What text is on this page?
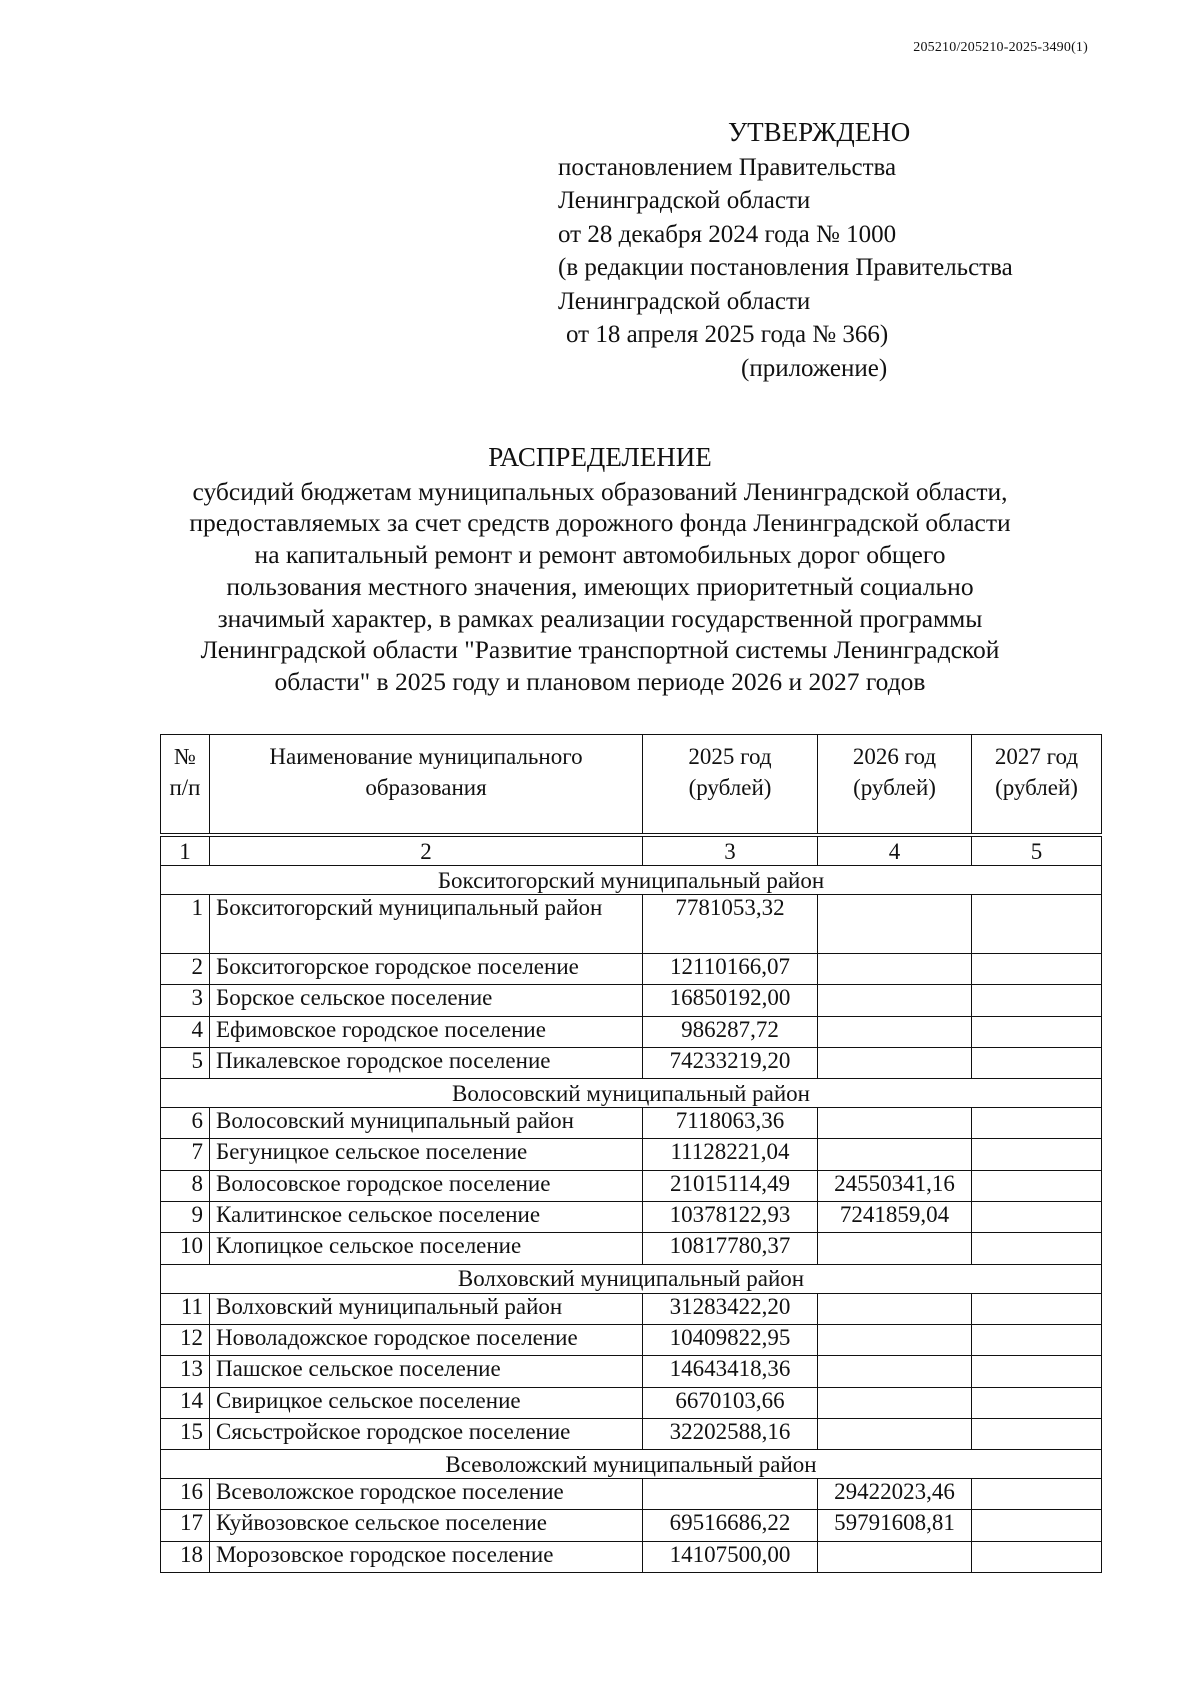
205210/205210-2025-3490(1)
УТВЕРЖДЕНО
постановлением Правительства
Ленинградской области
от 28 декабря 2024 года № 1000
(в редакции постановления Правительства
Ленинградской области
от 18 апреля 2025 года № 366)
(приложение)
РАСПРЕДЕЛЕНИЕ
субсидий бюджетам муниципальных образований Ленинградской области,
предоставляемых за счет средств дорожного фонда Ленинградской области
на капитальный ремонт и ремонт автомобильных дорог общего
пользования местного значения, имеющих приоритетный социально
значимый характер, в рамках реализации государственной программы
Ленинградской области "Развитие транспортной системы Ленинградской
области" в 2025 году и плановом периоде 2026 и 2027 годов
№ п/п	Наименование муниципального образования	2025 год (рублей)	2026 год (рублей)	2027 год (рублей)

1	2	3	4	5
Бокситогорский муниципальный район				
1	Бокситогорский муниципальный район	7781053,32		
2	Бокситогорское городское поселение	12110166,07		
3	Борское сельское поселение	16850192,00		
4	Ефимовское городское поселение	986287,72		
5	Пикалевское городское поселение	74233219,20		
Волосовский муниципальный район				
6	Волосовский муниципальный район	7118063,36		
7	Бегуницкое сельское поселение	11128221,04		
8	Волосовское городское поселение	21015114,49	24550341,16	
9	Калитинское сельское поселение	10378122,93	7241859,04	
10	Клопицкое сельское поселение	10817780,37		
Волховский муниципальный район				
11	Волховский муниципальный район	31283422,20		
12	Новоладожское городское поселение	10409822,95		
13	Пашское сельское поселение	14643418,36		
14	Свирицкое сельское поселение	6670103,66		
15	Сясьстройское городское поселение	32202588,16		
Всеволожский муниципальный район				
16	Всеволожское городское поселение		29422023,46	
17	Куйвозовское сельское поселение	69516686,22	59791608,81	
18	Морозовское городское поселение	14107500,00		
